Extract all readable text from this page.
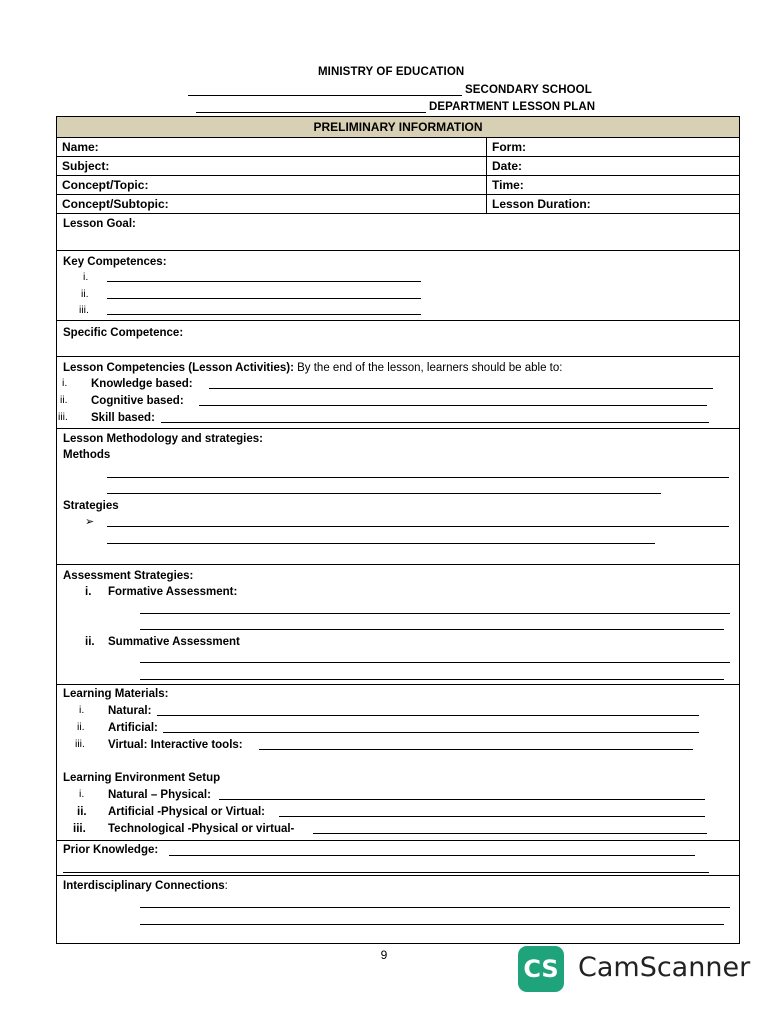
MINISTRY OF EDUCATION
SECONDARY SCHOOL
DEPARTMENT LESSON PLAN
PRELIMINARY INFORMATION
Name:	Form:
Subject:	Date:
Concept/Topic:	Time:
Concept/Subtopic:	Lesson Duration:
Lesson Goal:
Key Competences:
i.
ii.
iii.
Specific Competence:
Lesson Competencies (Lesson Activities): By the end of the lesson, learners should be able to:
i. Knowledge based:
ii. Cognitive based:
iii. Skill based:
Lesson Methodology and strategies:
Methods
Strategies
➢
Assessment Strategies:
i. Formative Assessment:
ii. Summative Assessment
Learning Materials:
i. Natural:
ii. Artificial:
iii. Virtual: Interactive tools:
Learning Environment Setup
i. Natural – Physical:
ii. Artificial -Physical or Virtual:
iii. Technological -Physical or virtual-
Prior Knowledge:
Interdisciplinary Connections:
9	CS CamScanner
